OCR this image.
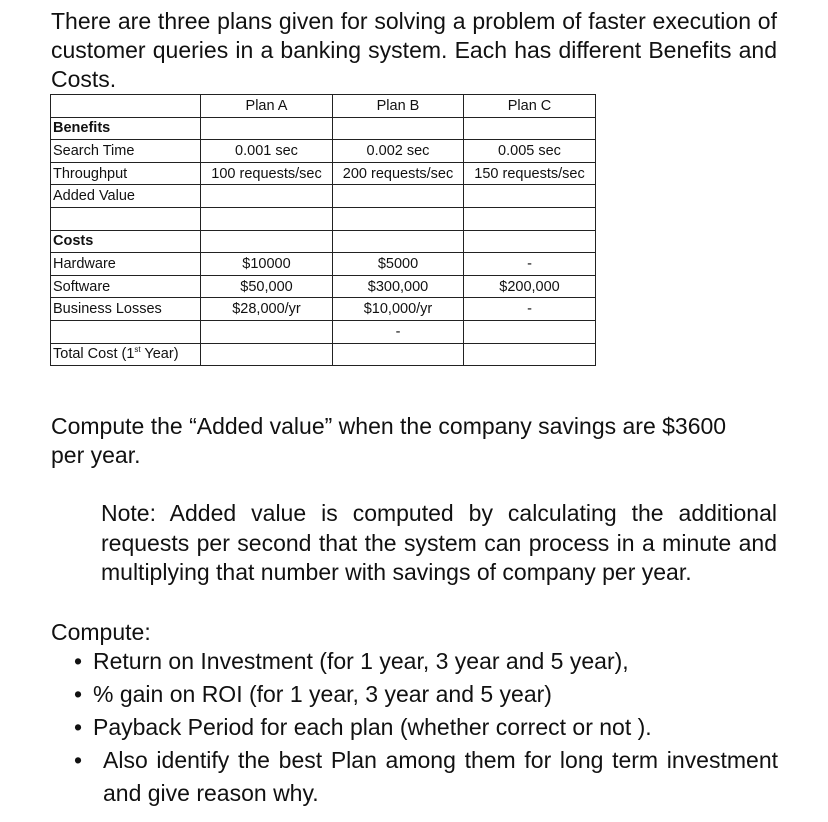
There are three plans given for solving a problem of faster execution of customer queries in a banking system. Each has different Benefits and Costs.
	Plan A	Plan B	Plan C
Benefits			
Search Time	0.001 sec	0.002 sec	0.005 sec
Throughput	100 requests/sec	200 requests/sec	150 requests/sec
Added Value			

Costs			
Hardware	$10000	$5000	-
Software	$50,000	$300,000	$200,000
Business Losses	$28,000/yr	$10,000/yr	-
		-	
Total Cost (1st Year)			
Compute the “Added value” when the company savings are $3600 per year.
Note: Added value is computed by calculating the additional requests per second that the system can process in a minute and multiplying that number with savings of company per year.
Compute:
• Return on Investment (for 1 year, 3 year and 5 year),
• % gain on ROI (for 1 year, 3 year and 5 year)
• Payback Period for each plan (whether correct or not ).
• Also identify the best Plan among them for long term investment and give reason why.
